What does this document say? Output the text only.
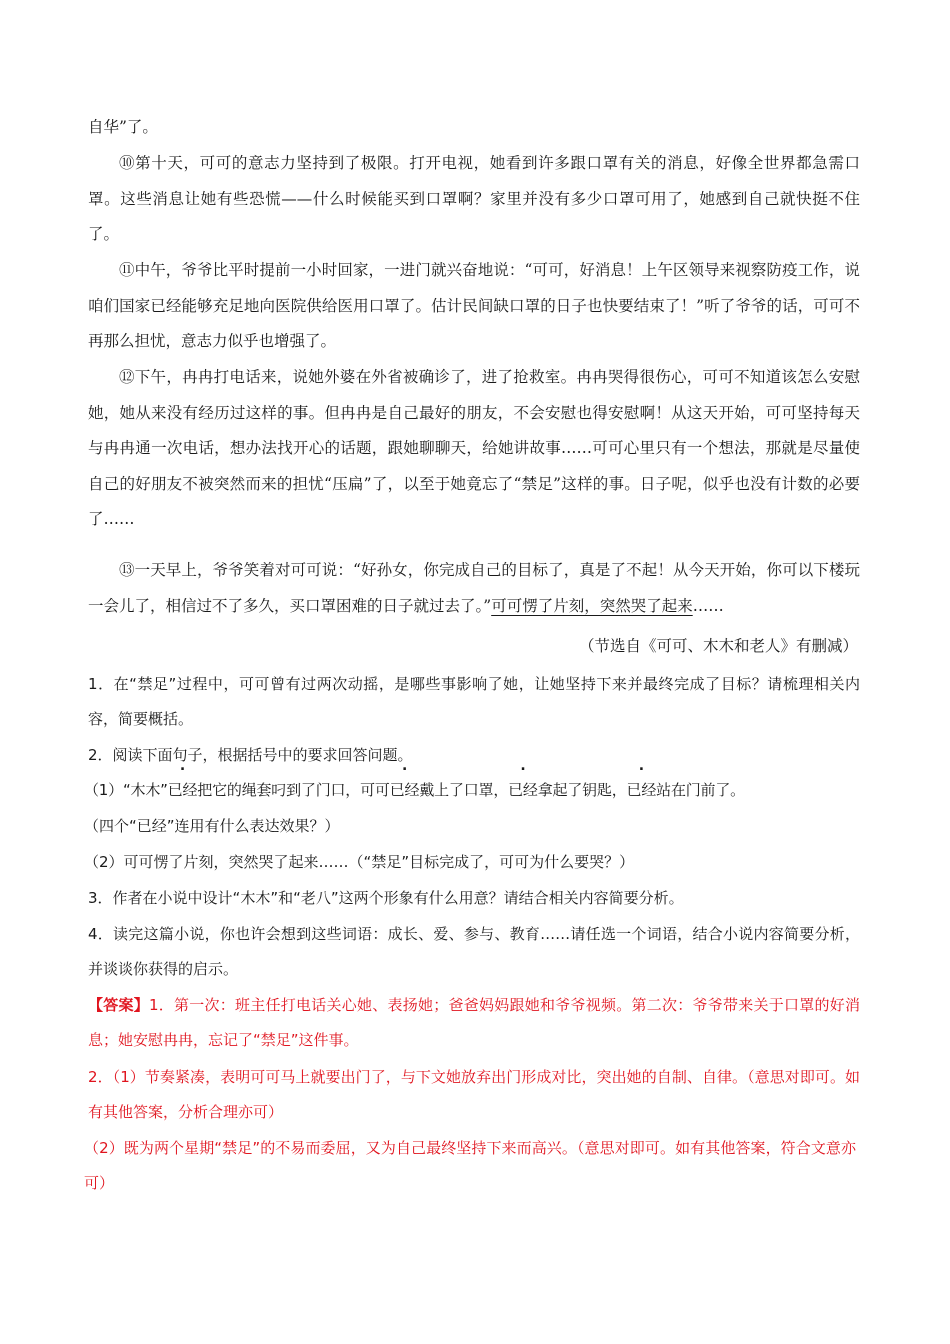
自华”了。

⑩第十天，可可的意志力坚持到了极限。打开电视，她看到许多跟口罩有关的消息，好像全世界都急需口罩。这些消息让她有些恐慌——什么时候能买到口罩啊？家里并没有多少口罩可用了，她感到自己就快挺不住了。

⑪中午，爷爷比平时提前一小时回家，一进门就兴奋地说：“可可，好消息！上午区领导来视察防疫工作，说咱们国家已经能够充足地向医院供给医用口罩了。估计民间缺口罩的日子也快要结束了！”听了爷爷的话，可可不再那么担忧，意志力似乎也增强了。

⑫下午，冉冉打电话来，说她外婆在外省被确诊了，进了抢救室。冉冉哭得很伤心，可可不知道该怎么安慰她，她从来没有经历过这样的事。但冉冉是自己最好的朋友，不会安慰也得安慰啊！从这天开始，可可坚持每天与冉冉通一次电话，想办法找开心的话题，跟她聊聊天，给她讲故事……可可心里只有一个想法，那就是尽量使自己的好朋友不被突然而来的担忧“压扁”了，以至于她竟忘了“禁足”这样的事。日子呢，似乎也没有计数的必要了……

⑬一天早上，爷爷笑着对可可说：“好孙女，你完成自己的目标了，真是了不起！从今天开始，你可以下楼玩一会儿了，相信过不了多久，买口罩困难的日子就过去了。”可可愣了片刻，突然哭了起来……

（节选自《可可、木木和老人》有删减）

1．在“禁足”过程中，可可曾有过两次动摇，是哪些事影响了她，让她坚持下来并最终完成了目标？请梳理相关内容，简要概括。

2．阅读下面句子，根据括号中的要求回答问题。

（1）“木木”已经把它的绳套叼到了门口，可可已经戴上了口罩，已经拿起了钥匙，已经站在门前了。

（四个“已经”连用有什么表达效果？）

（2）可可愣了片刻，突然哭了起来……（“禁足”目标完成了，可可为什么要哭？）

3．作者在小说中设计“木木”和“老八”这两个形象有什么用意？请结合相关内容简要分析。

4．读完这篇小说，你也许会想到这些词语：成长、爱、参与、教育……请任选一个词语，结合小说内容简要分析，并谈谈你获得的启示。

【答案】1．第一次：班主任打电话关心她、表扬她；爸爸妈妈跟她和爷爷视频。第二次：爷爷带来关于口罩的好消息；她安慰冉冉，忘记了“禁足”这件事。

2．（1）节奏紧凑，表明可可马上就要出门了，与下文她放弃出门形成对比，突出她的自制、自律。（意思对即可。如有其他答案，分析合理亦可）

（2）既为两个星期“禁足”的不易而委屈，又为自己最终坚持下来而高兴。（意思对即可。如有其他答案，符合文意亦可）
